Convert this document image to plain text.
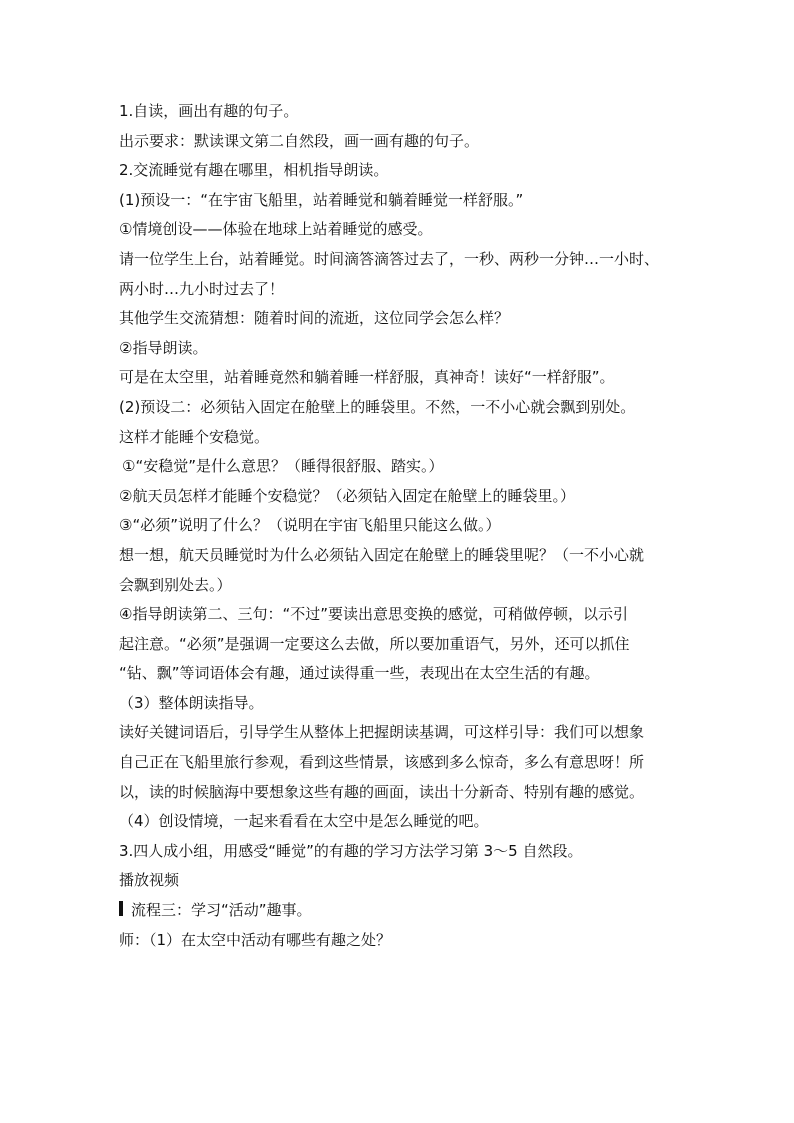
1.自读，画出有趣的句子。
出示要求：默读课文第二自然段，画一画有趣的句子。
2.交流睡觉有趣在哪里，相机指导朗读。
(1)预设一：“在宇宙飞船里，站着睡觉和躺着睡觉一样舒服。”
①情境创设——体验在地球上站着睡觉的感受。
请一位学生上台，站着睡觉。时间滴答滴答过去了，一秒、两秒一分钟…一小时、
两小时…九小时过去了！
其他学生交流猜想：随着时间的流逝，这位同学会怎么样？
②指导朗读。
可是在太空里，站着睡竟然和躺着睡一样舒服，真神奇！读好“一样舒服”。
(2)预设二：必须钻入固定在舱壁上的睡袋里。不然，一不小心就会飘到别处。
这样才能睡个安稳觉。
①“安稳觉”是什么意思？（睡得很舒服、踏实。）
②航天员怎样才能睡个安稳觉？（必须钻入固定在舱壁上的睡袋里。）
③“必须”说明了什么？（说明在宇宙飞船里只能这么做。）
想一想，航天员睡觉时为什么必须钻入固定在舱壁上的睡袋里呢？（一不小心就
会飘到别处去。）
④指导朗读第二、三句：“不过”要读出意思变换的感觉，可稍做停顿，以示引
起注意。“必须”是强调一定要这么去做，所以要加重语气，另外，还可以抓住
“钻、飘”等词语体会有趣，通过读得重一些，表现出在太空生活的有趣。
（3）整体朗读指导。
读好关键词语后，引导学生从整体上把握朗读基调，可这样引导：我们可以想象
自己正在飞船里旅行参观，看到这些情景，该感到多么惊奇，多么有意思呀！所
以，读的时候脑海中要想象这些有趣的画面，读出十分新奇、特别有趣的感觉。
（4）创设情境，一起来看看在太空中是怎么睡觉的吧。
3.四人成小组，用感受“睡觉”的有趣的学习方法学习第 3～5 自然段。
播放视频
流程三：学习“活动”趣事。
师：（1）在太空中活动有哪些有趣之处？
